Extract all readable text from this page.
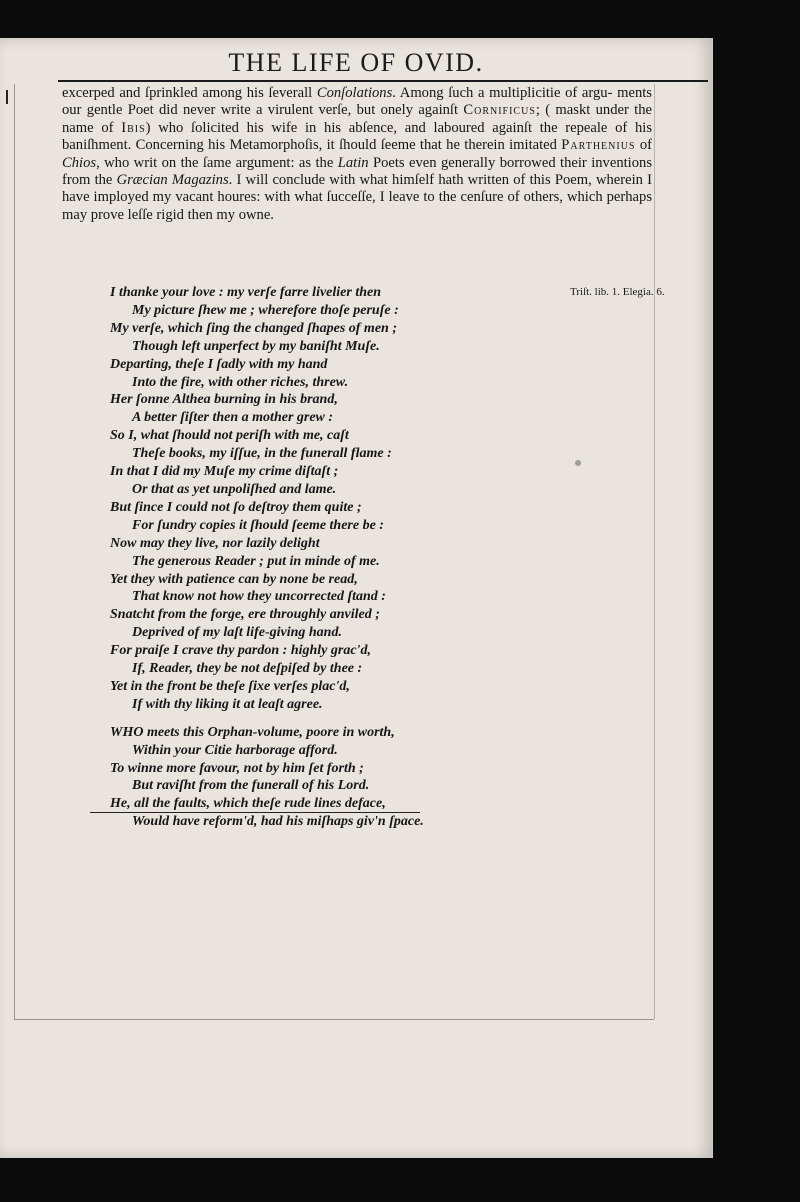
THE LIFE OF OVID.

excerped and ſprinkled among his ſeverall Conſolations. Among ſuch a multiplicitie of argu- ments our gentle Poet did never write a virulent verſe, but onely againſt Cornificus; ( maskt under the name of Ibis) who ſolicited his wife in his abſence, and laboured againſt the repeale of his baniſhment. Concerning his Metamorphoſis, it ſhould ſeeme that he therein imitated Parthenius of Chios, who writ on the ſame argument: as the Latin Poets even generally borrowed their inventions from the Græcian Magazins. I will conclude with what himſelf hath written of this Poem, wherein I have imployed my vacant houres: with what ſucceſſe, I leave to the cenſure of others, which perhaps may prove leſſe rigid then my owne.

Triſt. lib. 1. Elegia. 6.
I thanke your love : my verſe farre livelier then
My picture ſhew me ; wherefore thoſe peruſe :
My verſe, which ſing the changed ſhapes of men ;
Though left unperfect by my baniſht Muſe.
Departing, theſe I ſadly with my hand
Into the fire, with other riches, threw.
Her ſonne Althea burning in his brand,
A better ſiſter then a mother grew :
So I, what ſhould not periſh with me, caſt
Theſe books, my iſſue, in the funerall flame :
In that I did my Muſe my crime diſtaſt ;
Or that as yet unpoliſhed and lame.
But ſince I could not ſo deſtroy them quite ;
For ſundry copies it ſhould ſeeme there be :
Now may they live, nor lazily delight
The generous Reader ; put in minde of me.
Yet they with patience can by none be read,
That know not how they uncorrected ſtand :
Snatcht from the forge, ere throughly anviled ;
Deprived of my laſt life-giving hand.
For praiſe I crave thy pardon : highly grac'd,
If, Reader, they be not deſpiſed by thee :
Yet in the front be theſe ſixe verſes plac'd,
If with thy liking it at leaſt agree.
WHO meets this Orphan-volume, poore in worth,
Within your Citie harborage afford.
To winne more favour, not by him ſet forth ;
But raviſht from the funerall of his Lord.
He, all the faults, which theſe rude lines deface,
Would have reform'd, had his miſhaps giv'n ſpace.
